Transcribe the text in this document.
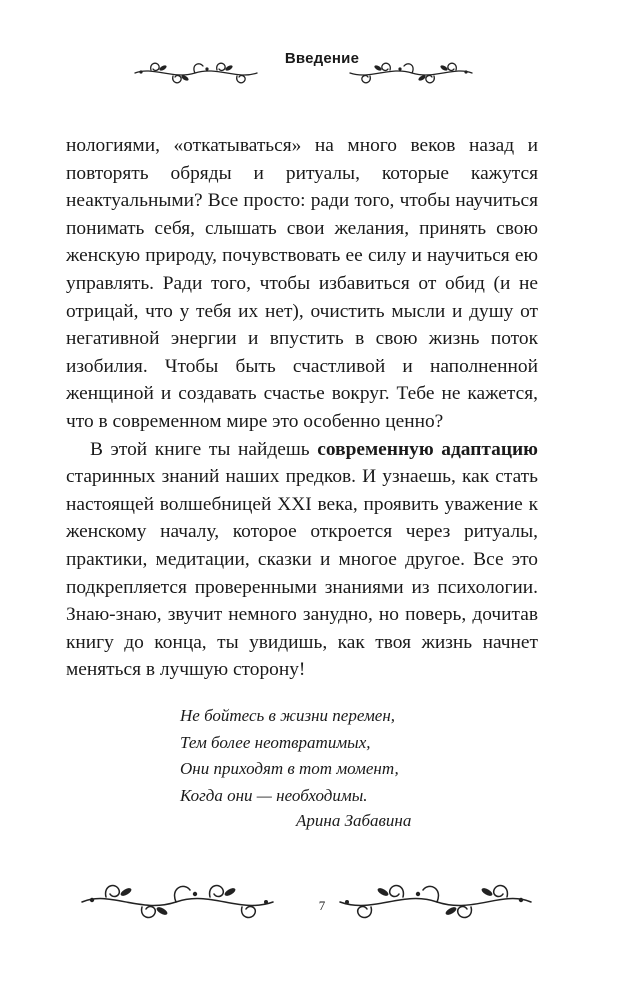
Введение

нологиями, «откатываться» на много веков назад и повторять обряды и ритуалы, которые кажутся неактуальными? Все просто: ради того, чтобы научиться понимать себя, слышать свои желания, принять свою женскую природу, почувствовать ее силу и научиться ею управлять. Ради того, чтобы избавиться от обид (и не отрицай, что у тебя их нет), очистить мысли и душу от негативной энергии и впустить в свою жизнь поток изобилия. Чтобы быть счастливой и наполненной женщиной и создавать счастье вокруг. Тебе не кажется, что в современном мире это особенно ценно?

В этой книге ты найдешь современную адаптацию старинных знаний наших предков. И узнаешь, как стать настоящей волшебницей XXI века, проявить уважение к женскому началу, которое откроется через ритуалы, практики, медитации, сказки и многое другое. Все это подкрепляется проверенными знаниями из психологии. Знаю-знаю, звучит немного занудно, но поверь, дочитав книгу до конца, ты увидишь, как твоя жизнь начнет меняться в лучшую сторону!

Не бойтесь в жизни перемен,
Тем более неотвратимых,
Они приходят в тот момент,
Когда они — необходимы.
Арина Забавина
7
